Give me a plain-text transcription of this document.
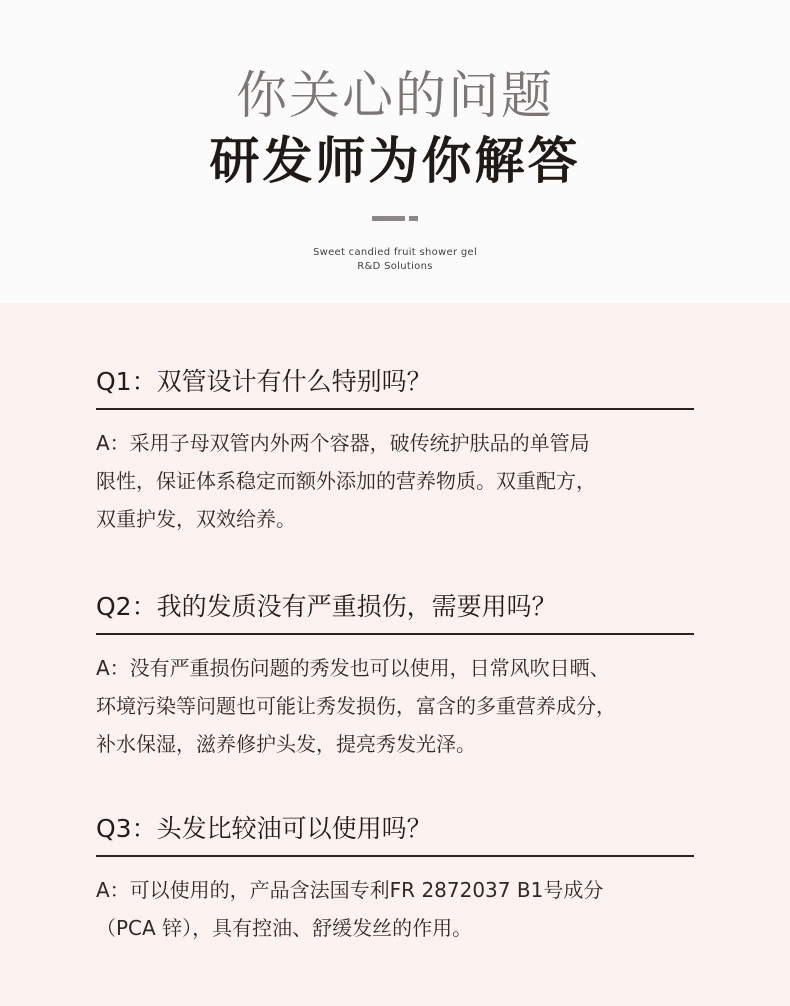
你关心的问题
研发师为你解答
Sweet candied fruit shower gel
R&D Solutions
Q1：双管设计有什么特别吗？
A：采用子母双管内外两个容器，破传统护肤品的单管局
限性，保证体系稳定而额外添加的营养物质。双重配方，
双重护发，双效给养。
Q2：我的发质没有严重损伤，需要用吗？
A：没有严重损伤问题的秀发也可以使用，日常风吹日晒、
环境污染等问题也可能让秀发损伤，富含的多重营养成分，
补水保湿，滋养修护头发，提亮秀发光泽。
Q3：头发比较油可以使用吗？
A：可以使用的，产品含法国专利FR 2872037 B1号成分
（PCA 锌），具有控油、舒缓发丝的作用。
